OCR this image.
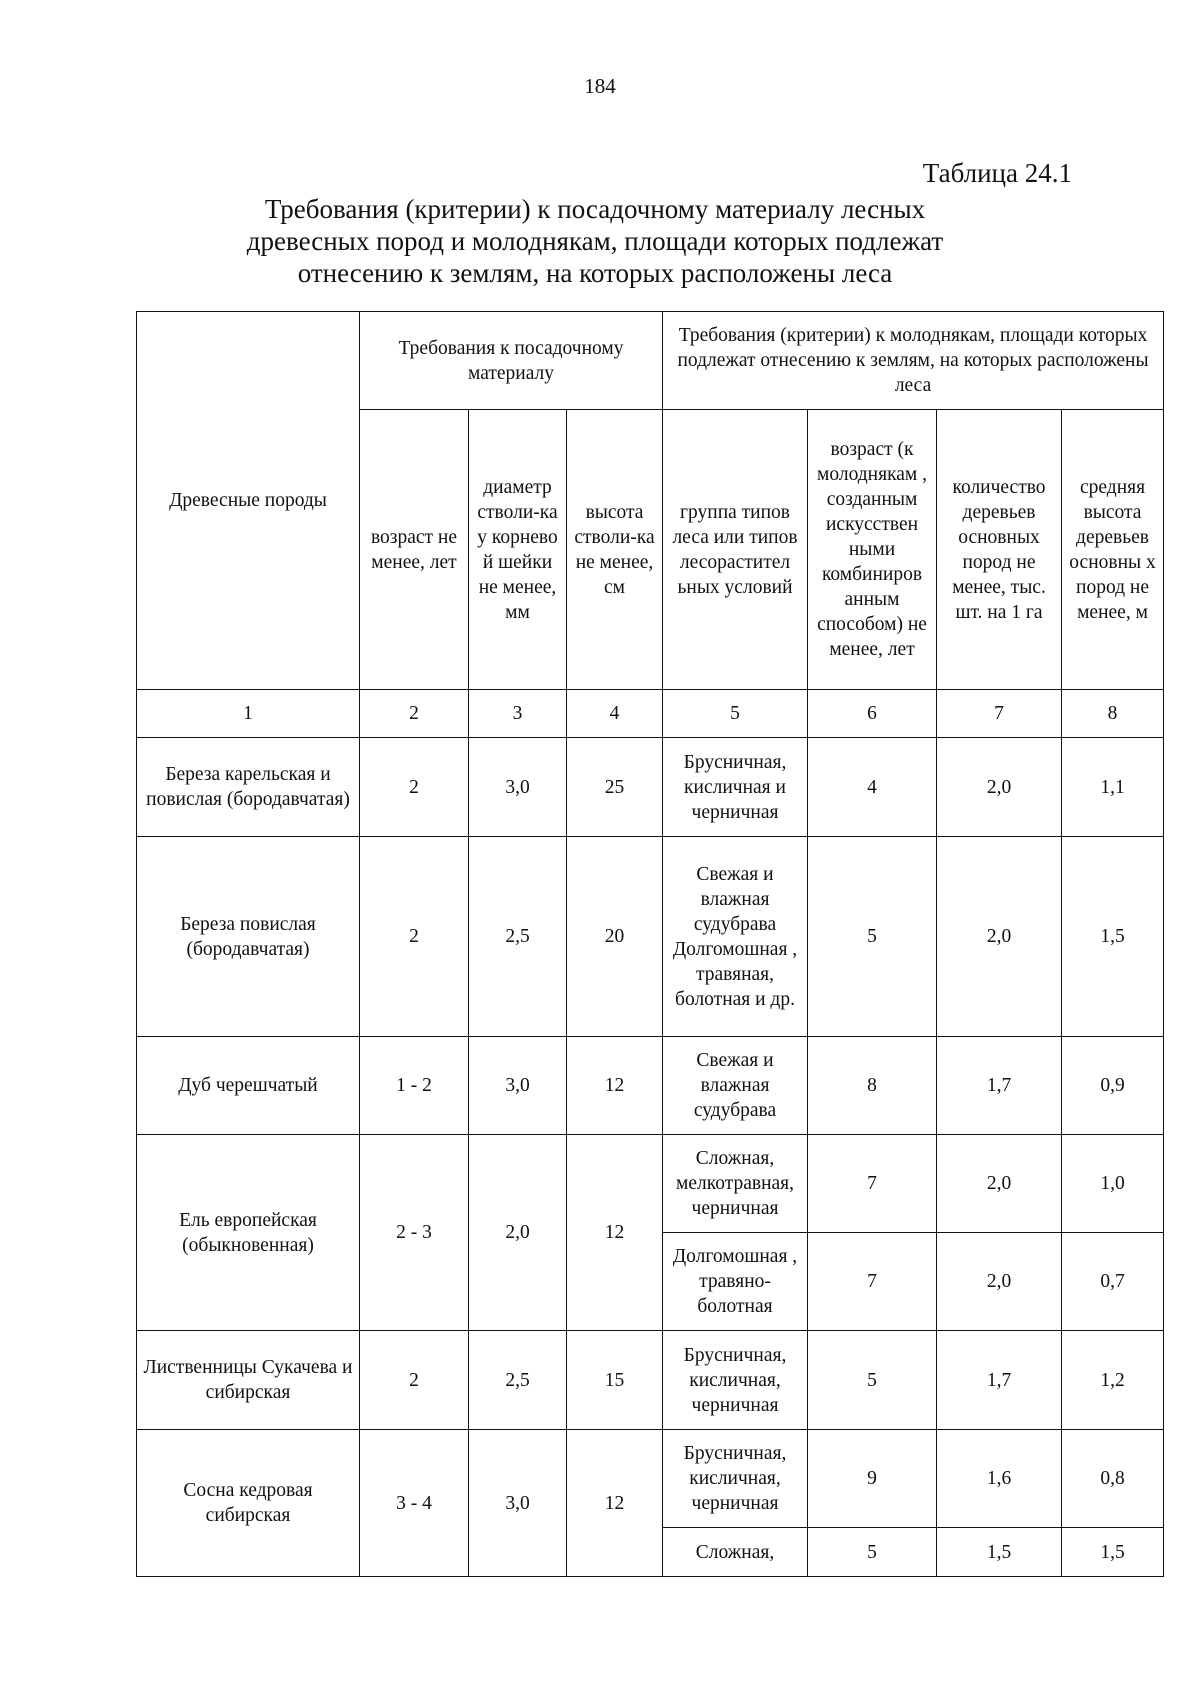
184
Таблица 24.1
Требования (критерии) к посадочному материалу лесных
древесных пород и молоднякам, площади которых подлежат
отнесению к землям, на которых расположены леса
Древесные породы	Требования к посадочному материалу			Требования (критерии) к молоднякам, площади которых подлежат отнесению к землям, на которых расположены леса			
	возраст не менее, лет	диаметр стволи-ка у корнево й шейки не менее, мм	высота стволи-ка не менее, см	группа типов леса или типов лесорастител ьных условий	возраст (к молоднякам , созданным искусствен ными комбиниров анным способом) не менее, лет	количество деревьев основных пород не менее, тыс. шт. на 1 га	средняя высота деревьев основны х пород не менее, м
1	2	3	4	5	6	7	8
Береза карельская и повислая (бородавчатая)	2	3,0	25	Брусничная, кисличная и черничная	4	2,0	1,1
Береза повислая (бородавчатая)	2	2,5	20	Свежая и влажная судубрава Долгомошная , травяная, болотная и др.	5	2,0	1,5
Дуб черешчатый	1 - 2	3,0	12	Свежая и влажная судубрава	8	1,7	0,9
Ель европейская (обыкновенная)	2 - 3	2,0	12	Сложная, мелкотравная, черничная	7	2,0	1,0
				Долгомошная , травяно-болотная	7	2,0	0,7
Лиственницы Сукачева и сибирская	2	2,5	15	Брусничная, кисличная, черничная	5	1,7	1,2
Сосна кедровая сибирская	3 - 4	3,0	12	Брусничная, кисличная, черничная	9	1,6	0,8
				Сложная,	5	1,5	1,5
